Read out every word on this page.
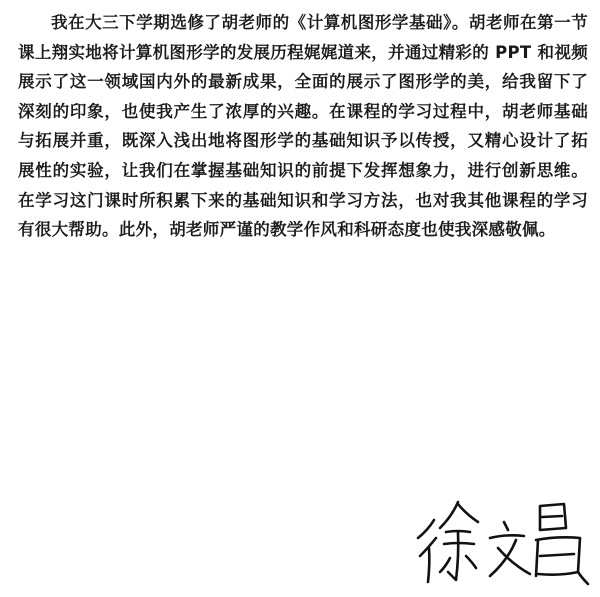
我在大三下学期选修了胡老师的《计算机图形学基础》。胡老师在第一节课上翔实地将计算机图形学的发展历程娓娓道来，并通过精彩的 PPT 和视频展示了这一领域国内外的最新成果，全面的展示了图形学的美，给我留下了深刻的印象，也使我产生了浓厚的兴趣。在课程的学习过程中，胡老师基础与拓展并重，既深入浅出地将图形学的基础知识予以传授，又精心设计了拓展性的实验，让我们在掌握基础知识的前提下发挥想象力，进行创新思维。在学习这门课时所积累下来的基础知识和学习方法，也对我其他课程的学习有很大帮助。此外，胡老师严谨的教学作风和科研态度也使我深感敬佩。
